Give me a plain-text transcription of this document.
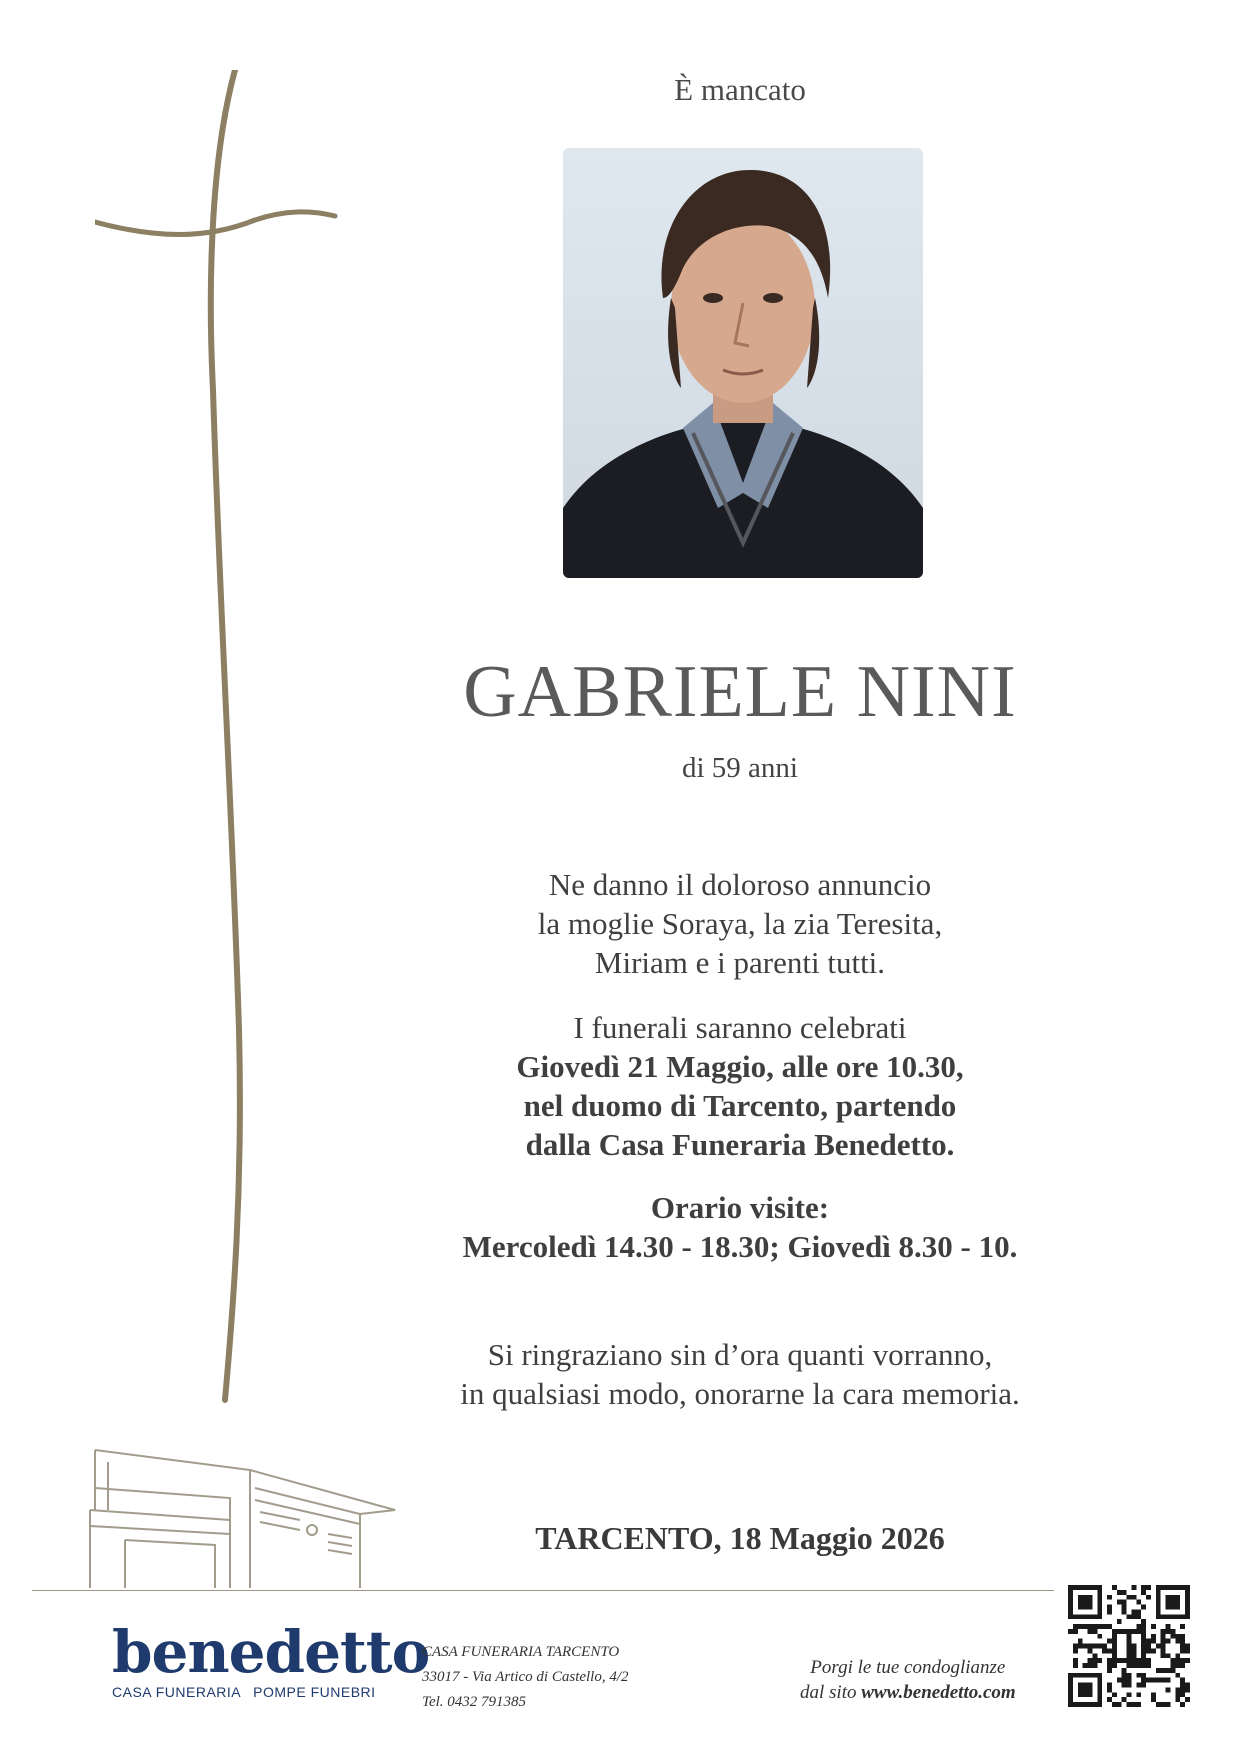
È mancato
GABRIELE NINI
di 59 anni
Ne danno il doloroso annuncio
la moglie Soraya, la zia Teresita,
Miriam e i parenti tutti.
I funerali saranno celebrati
Giovedì 21 Maggio, alle ore 10.30,
nel duomo di Tarcento, partendo
dalla Casa Funeraria Benedetto.
Orario visite:
Mercoledì 14.30 - 18.30; Giovedì 8.30 - 10.
Si ringraziano sin d’ora quanti vorranno,
in qualsiasi modo, onorarne la cara memoria.
TARCENTO, 18 Maggio 2026
benedetto
CASA FUNERARIA POMPE FUNEBRI
CASA FUNERARIA TARCENTO
33017 - Via Artico di Castello, 4/2
Tel. 0432 791385
Porgi le tue condoglianze
dal sito www.benedetto.com
